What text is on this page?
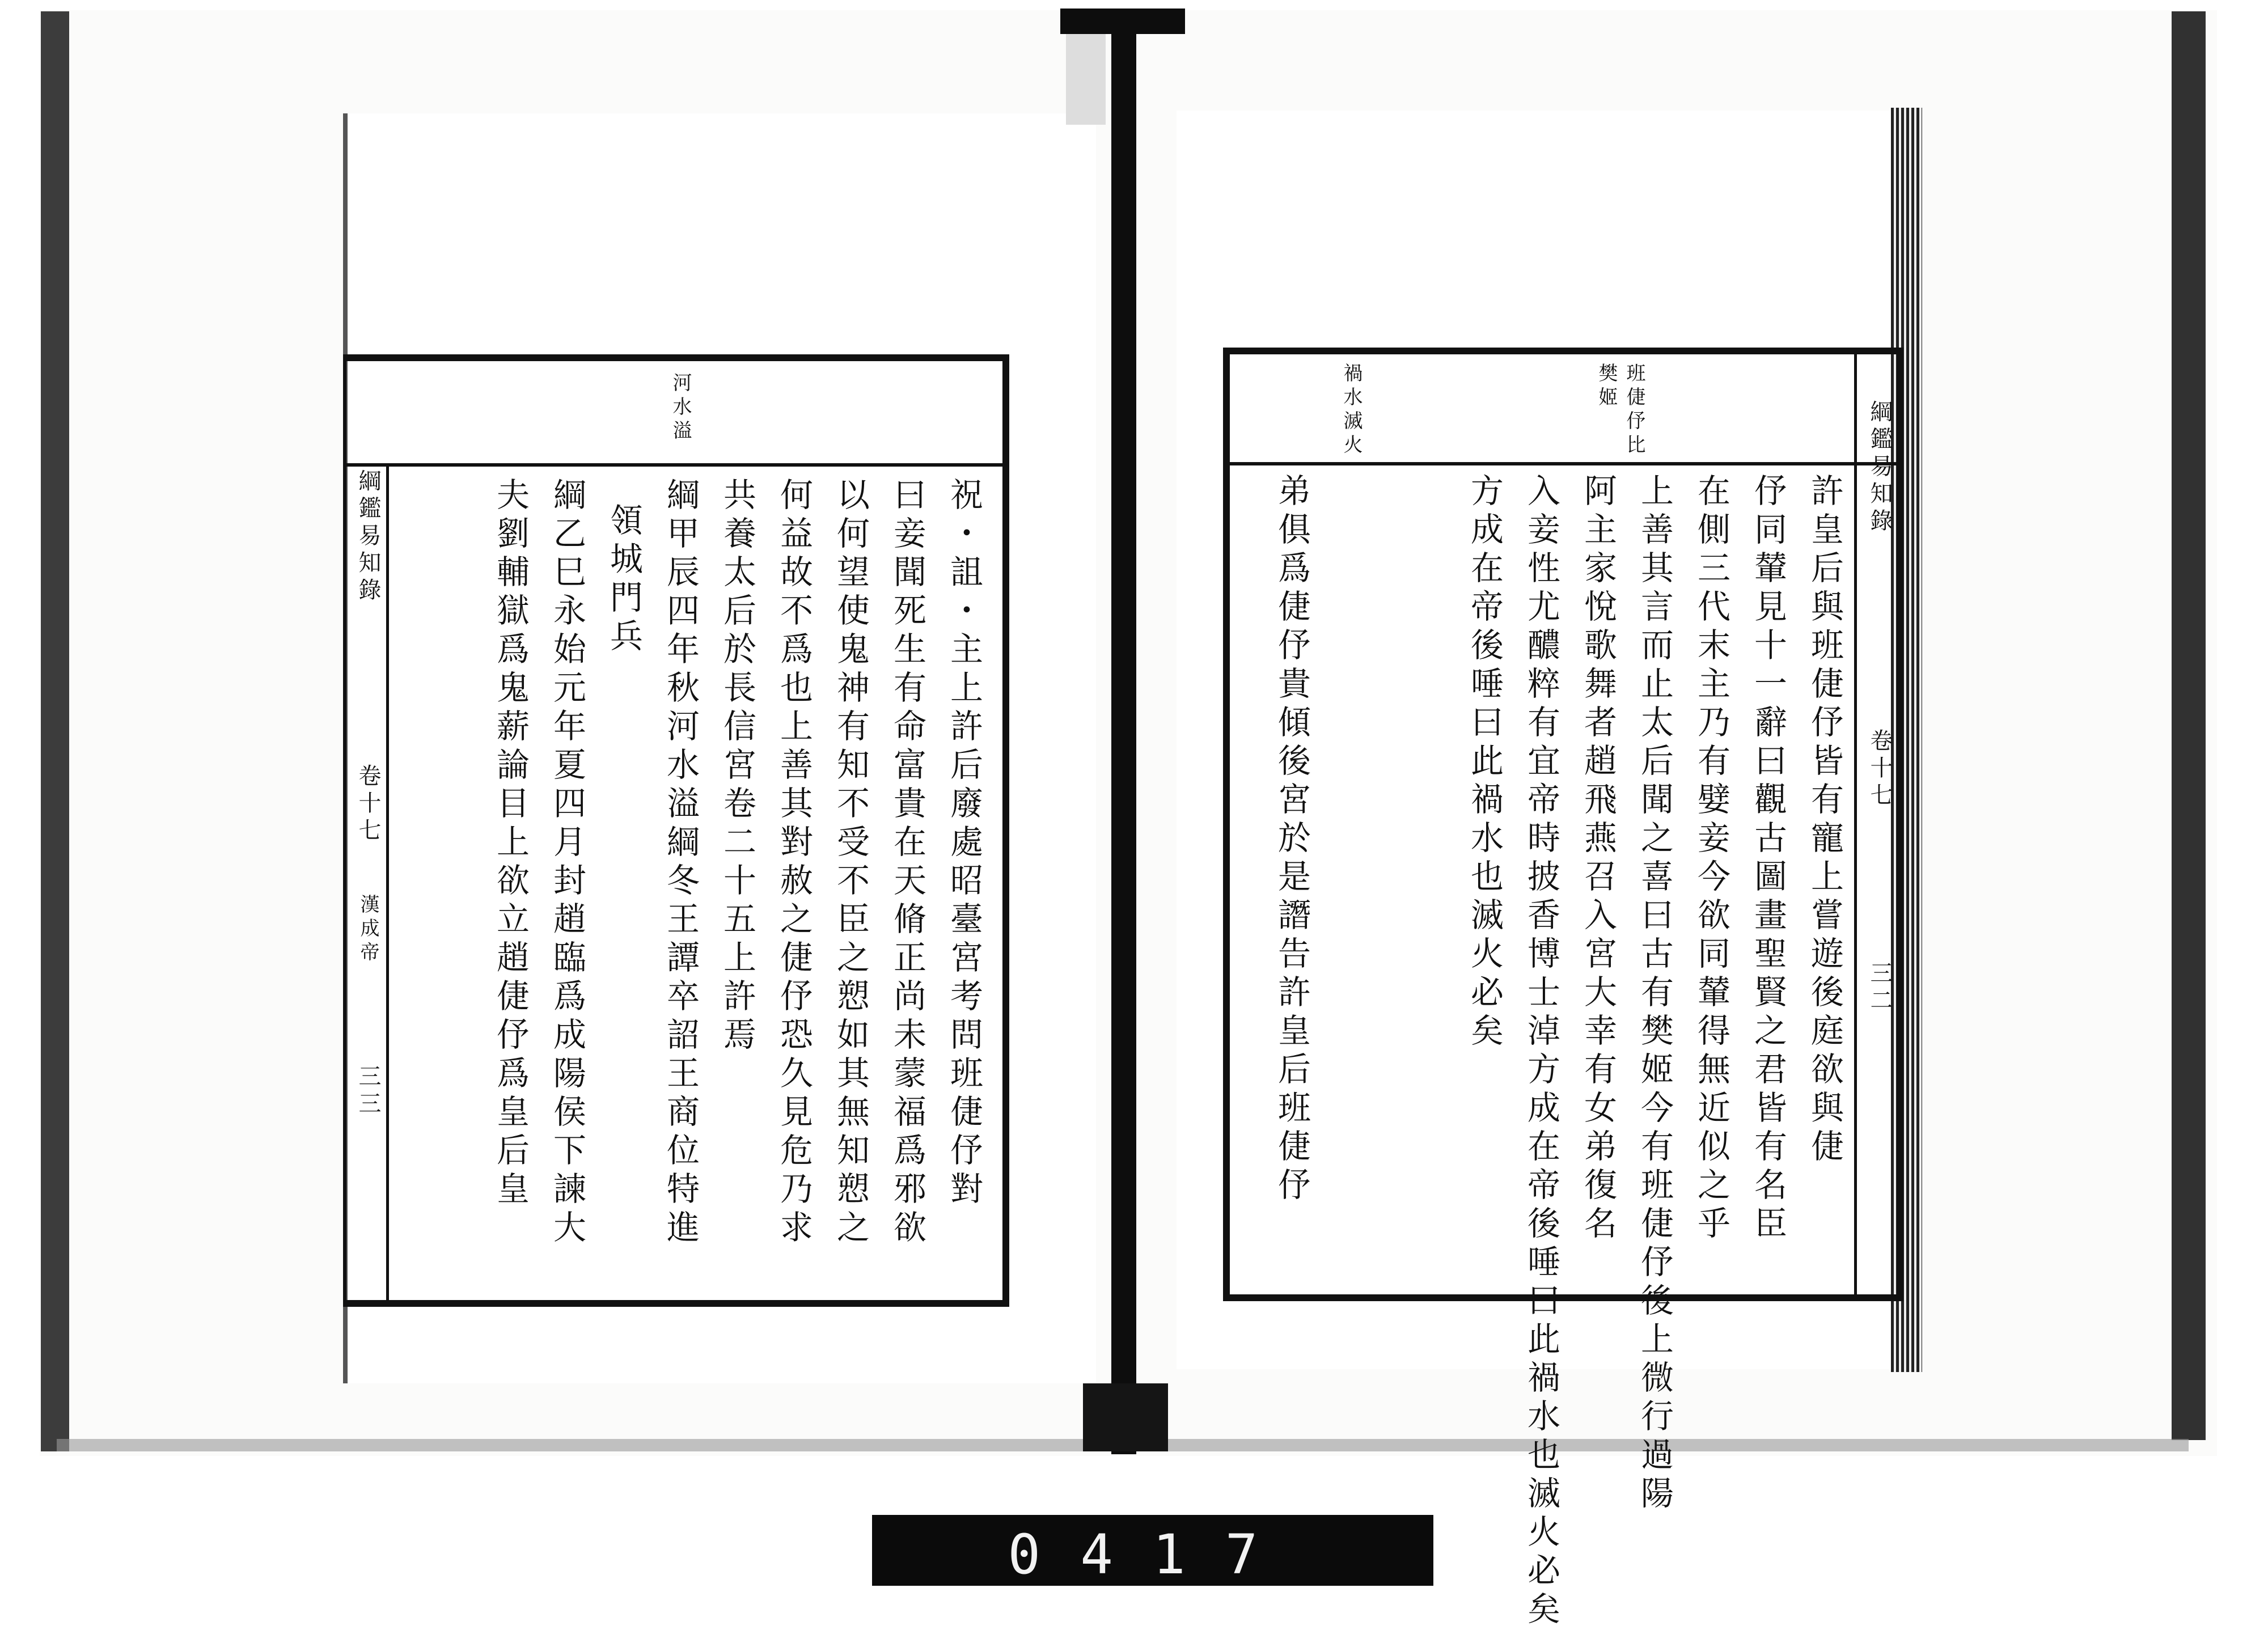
河水溢
綱鑑易知錄
卷十七
漢成帝
三三	祝・詛・主上許后廢處昭臺宮考問班倢伃對
曰妾聞死生有命富貴在天脩正尚未蒙福爲邪欲
以何望使鬼神有知不受不臣之愬如其無知愬之
何益故不爲也上善其對赦之倢伃恐久見危乃求
共養太后於長信宮卷二十五上許焉
綱甲辰四年秋河水溢綱冬王譚卒詔王商位特進
領城門兵
綱乙巳永始元年夏四月封趙臨爲成陽侯下諫大
夫劉輔獄爲鬼薪論目上欲立趙倢伃爲皇后皇
班倢伃比樊姬
禍水滅火	綱鑑易知錄
卷十七
三二
許皇后與班倢伃皆有寵上嘗遊後庭欲與倢
伃同輦見十一辭曰觀古圖畫聖賢之君皆有名臣
在側三代末主乃有嬖妾今欲同輦得無近似之乎
上善其言而止太后聞之喜曰古有樊姬今有班倢伃後上微行過陽
阿主家悅歌舞者趙飛燕召入宮大幸有女弟復名
入妾性尤醲粹有宜帝時披香博士淖方成在帝後唾曰此禍水也滅火必矣
方成在帝後唾曰此禍水也滅火必矣
弟俱爲倢伃貴傾後宮於是譖告許皇后班倢伃
0417
